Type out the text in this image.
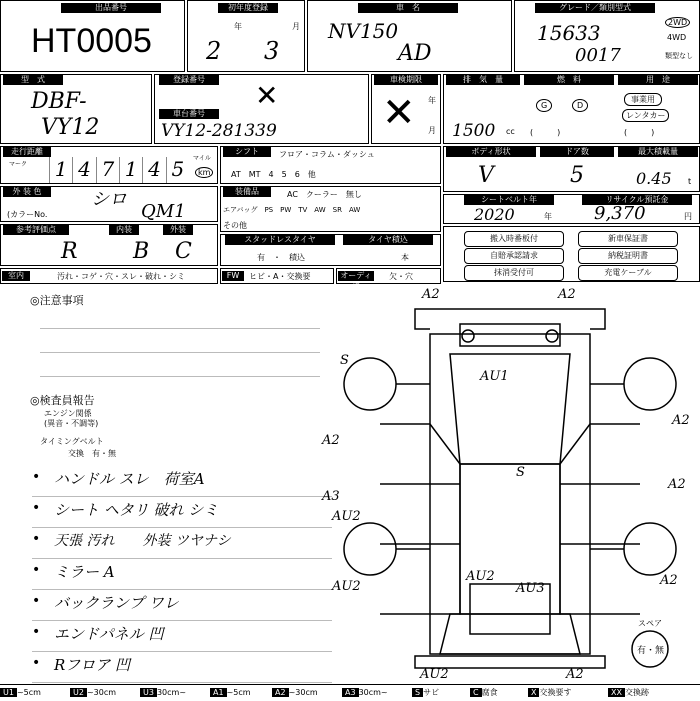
出品番号
HT0005
初年度登録
年	月
2 3
車　名
NV150
AD
グレード／類別型式
15633
0017
2WD
4WD
類型なし
型　式
DBF-
VY12
登録番号	✕
車台番号
VY12-281339
車検期限
年
月
✕
排　気　量	燃　料	用　途
1500 cc
G	D
(　　　)
事業用
レンタカー
(　　　)
走行距離
マーク 1 4 7 1 4 5	マイル
km
シフト	フロア・コラム・ダッシュ
AT　MT　4　5　6　他
ボディ形状	ドア数	最大積載量
V	5	0.45 t
外 装 色	シロ
(カラーNo.	QM1
装備品	AC　クーラー　無し
エアバッグ　PS　PW　TV　AW　SR　AW
その他
シートベルト年	リサイクル預託金
2020	年 9,370	円
参考評価点	内装	外装
R	B C	スタッドレスタイヤ	タイヤ積込
有　・　積込	本
搬入時番板付	新車保証書
自賠承認請求	納税証明書
抹消受付可	充電ケーブル
室内	汚れ・コゲ・穴・スレ・破れ・シミ	FW	ヒビ・A・交換要	オーディオ
欠・穴
◎注意事項
◎検査員報告
エンジン関係
(異音・不調等)
タイミングベルト
交換　有・無
• ハンドル スレ　荷室A
• シート ヘタリ 破れ シミ
• 天張 汚れ　　外装 ツヤナシ
• ミラー A
• バックランプ ワレ
• エンドパネル 凹
• Rフロア 凹
A2	A2
AU1
S
A2
A3
AU2
S
A2
A2
AU2
AU3
AU2
AU2	A2
A2
スペア
有・無
U1 ~5cm	U2 ~30cm	U3 30cm~	A1 ~5cm	A2 ~30cm	A3 30cm~	S サビ	C 腐食	X 交換要す	XX 交換跡
